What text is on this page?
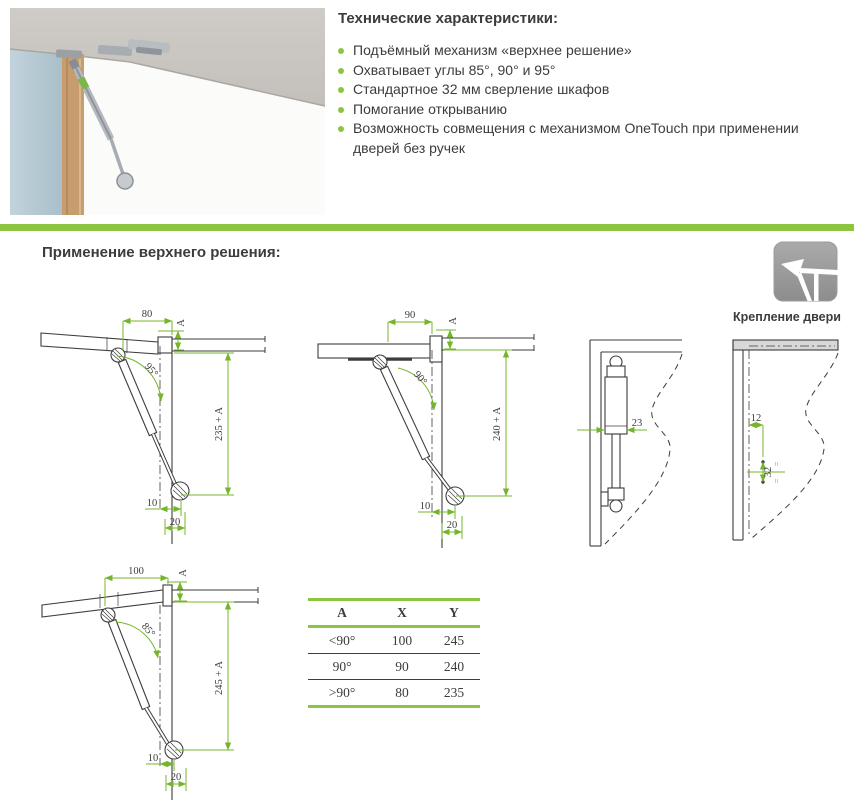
Технические характеристики:

Подъёмный механизм «верхнее решение»
Охватывает углы 85°, 90° и 95°
Стандартное 32 мм сверление шкафов
Помогание открыванию
Возможность совмещения с механизмом OneTouch при применении дверей без ручек
Применение верхнего решения:
Крепление двери
80
A
95°
235 + A
10
20
90	A
90°
240 + A
10
20
23	12
32
=
=
100	A
85°
245 + A
10
20
A	X	Y
<90°	100	245
90°	90	240
>90°	80	235
